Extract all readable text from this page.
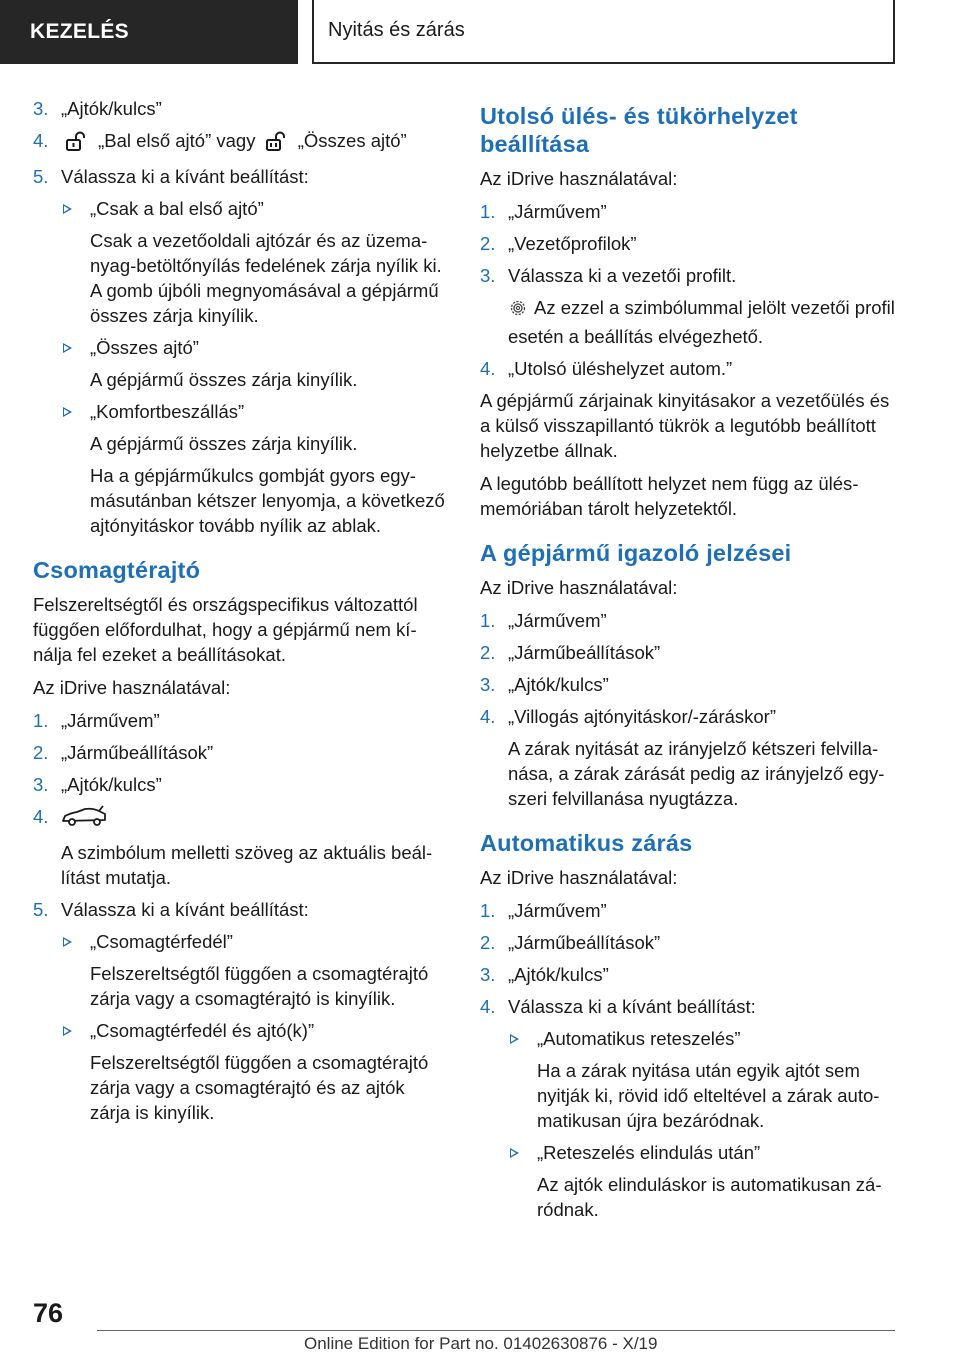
KEZELÉS	Nyitás és zárás
3. „Ajtók/kulcs”
4.	„Bal első ajtó” vagy „Összes ajtó”
5. Válassza ki a kívánt beállítást:
„Csak a bal első ajtó”
Csak a vezetőoldali ajtózár és az üzemanyag-betöltőnyílás fedelének zárja nyílik ki. A gomb újbóli megnyomásával a gépjármű összes zárja kinyílik.
„Összes ajtó”
A gépjármű összes zárja kinyílik.
„Komfortbeszállás”
A gépjármű összes zárja kinyílik.
Ha a gépjárműkulcs gombját gyors egymásutánban kétszer lenyomja, a következő ajtónyitáskor tovább nyílik az ablak.
Csomagtérajtó

Felszereltségtől és országspecifikus változattól függően előfordulhat, hogy a gépjármű nem kínálja fel ezeket a beállításokat.

Az iDrive használatával:

1. „Járművem”
2. „Járműbeállítások”
3. „Ajtók/kulcs”
4.
A szimbólum melletti szöveg az aktuális beállítást mutatja.
5. Válassza ki a kívánt beállítást:
„Csomagtérfedél”
Felszereltségtől függően a csomagtérajtó zárja vagy a csomagtérajtó is kinyílik.
„Csomagtérfedél és ajtó(k)”
Felszereltségtől függően a csomagtérajtó zárja vagy a csomagtérajtó és az ajtók zárja is kinyílik.
Utolsó ülés- és tükörhelyzet beállítása

Az iDrive használatával:

1. „Járművem”
2. „Vezetőprofilok”
3. Válassza ki a vezetői profilt.
Az ezzel a szimbólummal jelölt vezetői profil esetén a beállítás elvégezhető.
4. „Utolsó üléshelyzet autom.”

A gépjármű zárjainak kinyitásakor a vezetőülés és a külső visszapillantó tükrök a legutóbb beállított helyzetbe állnak.

A legutóbb beállított helyzet nem függ az ülésmemóriában tárolt helyzetektől.

A gépjármű igazoló jelzései

Az iDrive használatával:

1. „Járművem”
2. „Járműbeállítások”
3. „Ajtók/kulcs”
4. „Villogás ajtónyitáskor/-záráskor”
A zárak nyitását az irányjelző kétszeri felvillanása, a zárak zárását pedig az irányjelző egyszeri felvillanása nyugtázza.
Automatikus zárás

Az iDrive használatával:

1. „Járművem”
2. „Járműbeállítások”
3. „Ajtók/kulcs”
4. Válassza ki a kívánt beállítást:
„Automatikus reteszelés”
Ha a zárak nyitása után egyik ajtót sem nyitják ki, rövid idő elteltével a zárak automatikusan újra bezáródnak.
„Reteszelés elindulás után”
Az ajtók elinduláskor is automatikusan záródnak.
76
Online Edition for Part no. 01402630876 - X/19
